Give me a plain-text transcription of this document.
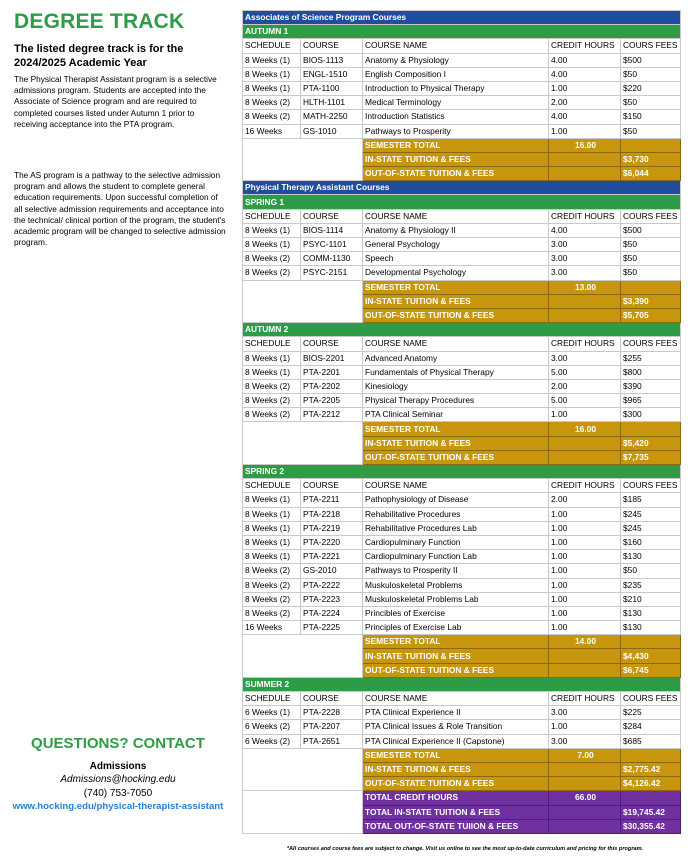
DEGREE TRACK
The listed degree track is for the 2024/2025 Academic Year
The Physical Therapist Assistant program is a selective admissions program. Students are accepted into the Associate of Science program and are required to completed courses listed under Autumn 1 prior to receiving acceptance into the PTA program.
The AS program is a pathway to the selective admission program and allows the student to complete general education requirements. Upon successful completion of all selective admission requirements and acceptance into the technical/ clinical portion of the program, the student's academic program will be changed to selective admission program.
QUESTIONS? CONTACT
Admissions
Admissions@hocking.edu
(740) 753-7050
www.hocking.edu/physical-therapist-assistant
Associates of Science Program Courses				
AUTUMN 1				
SCHEDULE	COURSE	COURSE NAME	CREDIT HOURS	COURS FEES
8 Weeks (1)	BIOS-1113	Anatomy & Physiology	4.00	$500
8 Weeks (1)	ENGL-1510	English Composition I	4.00	$50
8 Weeks (1)	PTA-1100	Introduction to Physical Therapy	1.00	$220
8 Weeks (2)	HLTH-1101	Medical Terminology	2.00	$50
8 Weeks (2)	MATH-2250	Introduction Statistics	4.00	$150
16 Weeks	GS-1010	Pathways to Prosperity	1.00	$50
		SEMESTER TOTAL	16.00	
		IN-STATE TUITION & FEES		$3,730
		OUT-OF-STATE TUITION & FEES		$6,044
Physical Therapy Assistant Courses				
SPRING 1				
SCHEDULE	COURSE	COURSE NAME	CREDIT HOURS	COURS FEES
8 Weeks (1)	BIOS-1114	Anatomy & Physiology II	4.00	$500
8 Weeks (1)	PSYC-1101	General Psychology	3.00	$50
8 Weeks (2)	COMM-1130	Speech	3.00	$50
8 Weeks (2)	PSYC-2151	Developmental Psychology	3.00	$50
		SEMESTER TOTAL	13.00	
		IN-STATE TUITION & FEES		$3,390
		OUT-OF-STATE TUITION & FEES		$5,705
AUTUMN 2				
SCHEDULE	COURSE	COURSE NAME	CREDIT HOURS	COURS FEES
8 Weeks (1)	BIOS-2201	Advanced Anatomy	3.00	$255
8 Weeks (1)	PTA-2201	Fundamentals of Physical Therapy	5.00	$800
8 Weeks (2)	PTA-2202	Kinesiology	2.00	$390
8 Weeks (2)	PTA-2205	Physical Therapy Procedures	5.00	$965
8 Weeks (2)	PTA-2212	PTA Clinical Seminar	1.00	$300
		SEMESTER TOTAL	16.00	
		IN-STATE TUITION & FEES		$5,420
		OUT-OF-STATE TUITION & FEES		$7,735
SPRING 2				
SCHEDULE	COURSE	COURSE NAME	CREDIT HOURS	COURS FEES
8 Weeks (1)	PTA-2211	Pathophysiology of Disease	2.00	$185
8 Weeks (1)	PTA-2218	Rehabilitative Procedures	1.00	$245
8 Weeks (1)	PTA-2219	Rehabilitative Procedures Lab	1.00	$245
8 Weeks (1)	PTA-2220	Cardiopulminary Function	1.00	$160
8 Weeks (1)	PTA-2221	Cardiopulminary Function Lab	1.00	$130
8 Weeks (2)	GS-2010	Pathways to Prosperity II	1.00	$50
8 Weeks (2)	PTA-2222	Muskuloskeletal Problems	1.00	$235
8 Weeks (2)	PTA-2223	Muskuloskeletal Problems Lab	1.00	$210
8 Weeks (2)	PTA-2224	Princibles of Exercise	1.00	$130
16 Weeks	PTA-2225	Principles of Exercise Lab	1.00	$130
		SEMESTER TOTAL	14.00	
		IN-STATE TUITION & FEES		$4,430
		OUT-OF-STATE TUITION & FEES		$6,745
SUMMER 2				
SCHEDULE	COURSE	COURSE NAME	CREDIT HOURS	COURS FEES
6 Weeks (1)	PTA-2228	PTA Clinical Experience II	3.00	$225
6 Weeks (2)	PTA-2207	PTA Clinical Issues & Role Transition	1.00	$284
6 Weeks (2)	PTA-2651	PTA Clinical Experience II (Capstone)	3.00	$685
		SEMESTER TOTAL	7.00	
		IN-STATE TUITION & FEES		$2,775.42
		OUT-OF-STATE TUITION & FEES		$4,126.42
		TOTAL CREDIT HOURS	66.00	
		TOTAL IN-STATE TUITION & FEES		$19,745.42
		TOTAL OUT-OF-STATE TUIION & FEES		$30,355.42
*All courses and course fees are subject to change. Visit us online to see the most up-to-date curriculum and pricing for this program.
